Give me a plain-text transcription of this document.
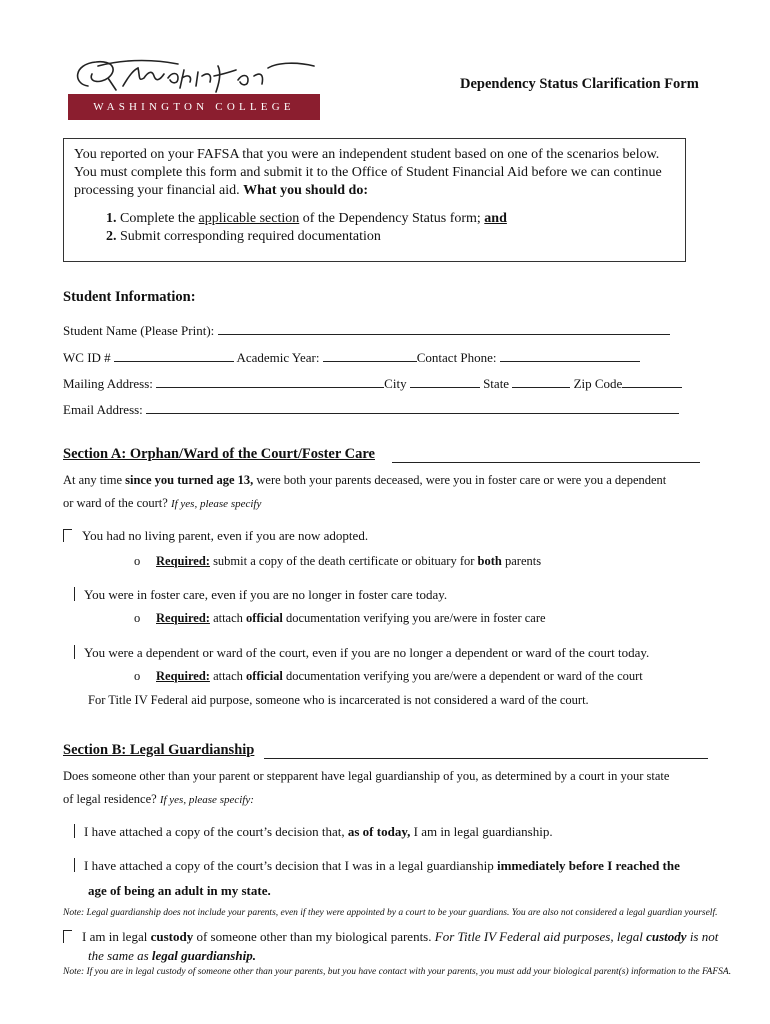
WASHINGTON COLLEGE
Dependency Status Clarification Form
You reported on your FAFSA that you were an independent student based on one of the scenarios below. You must complete this form and submit it to the Office of Student Financial Aid before we can continue processing your financial aid. What you should do:
1. Complete the applicable section of the Dependency Status form; and
2. Submit corresponding required documentation
Student Information:
Student Name (Please Print):
WC ID #	Academic Year:	Contact Phone:
Mailing Address:	City	State	Zip Code
Email Address:
Section A: Orphan/Ward of the Court/Foster Care
At any time since you turned age 13, were both your parents deceased, were you in foster care or were you a dependent
or ward of the court? If yes, please specify
You had no living parent, even if you are now adopted.
o Required: submit a copy of the death certificate or obituary for both parents
You were in foster care, even if you are no longer in foster care today.
o Required: attach official documentation verifying you are/were in foster care
You were a dependent or ward of the court, even if you are no longer a dependent or ward of the court today.
o Required: attach official documentation verifying you are/were a dependent or ward of the court
For Title IV Federal aid purpose, someone who is incarcerated is not considered a ward of the court.
Section B: Legal Guardianship
Does someone other than your parent or stepparent have legal guardianship of you, as determined by a court in your state
of legal residence? If yes, please specify:
I have attached a copy of the court’s decision that, as of today, I am in legal guardianship.
I have attached a copy of the court’s decision that I was in a legal guardianship immediately before I reached the
age of being an adult in my state.
Note: Legal guardianship does not include your parents, even if they were appointed by a court to be your guardians. You are also not considered a legal guardian yourself.
I am in legal custody of someone other than my biological parents. For Title IV Federal aid purposes, legal custody is not
the same as legal guardianship.
Note: If you are in legal custody of someone other than your parents, but you have contact with your parents, you must add your biological parent(s) information to the FAFSA.
